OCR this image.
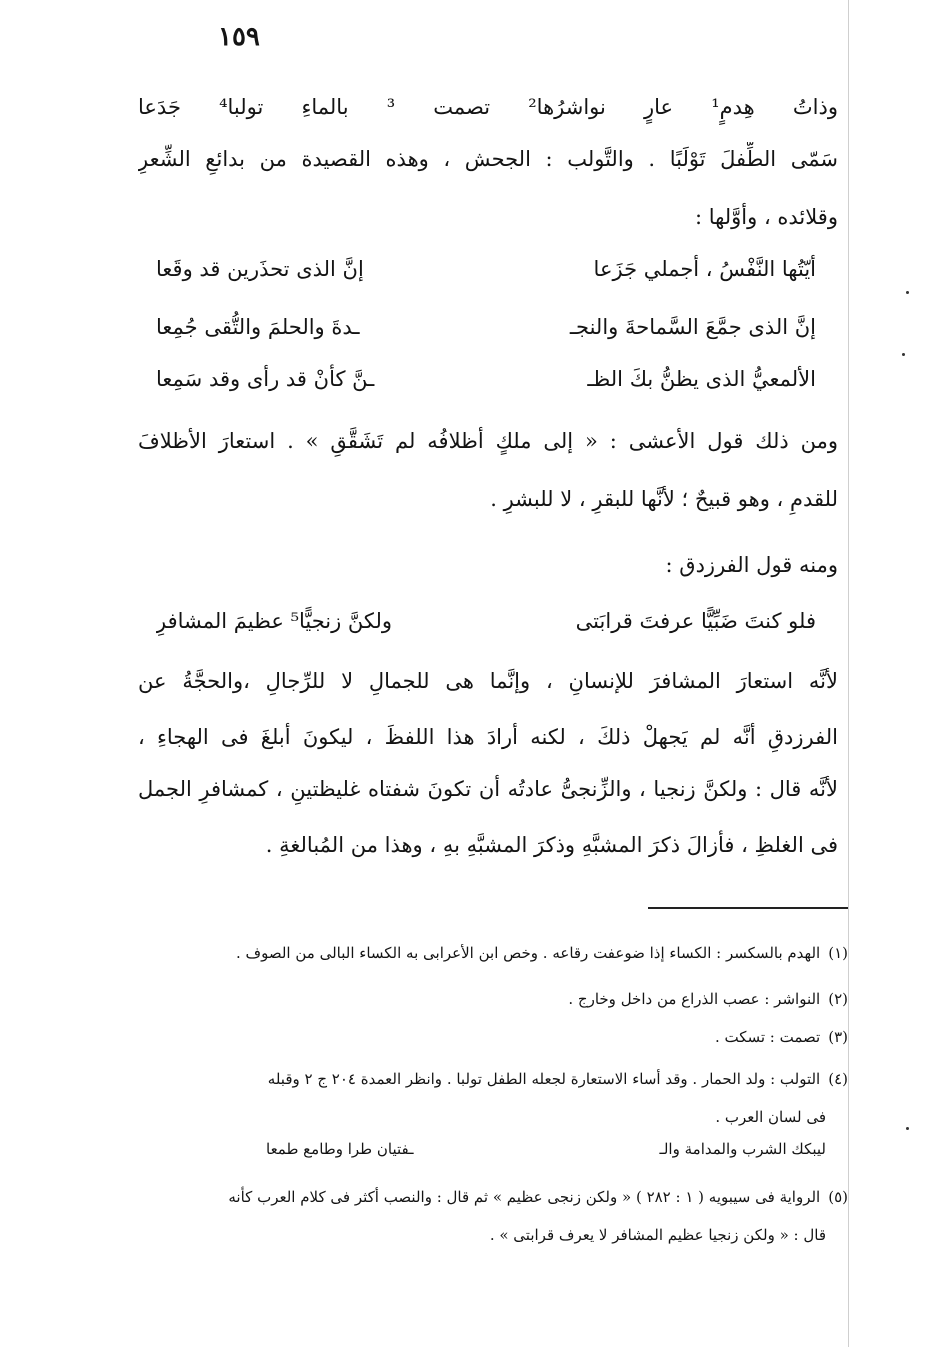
١٥٩
وذاتُ هِدمٍ¹ عارٍ نواشرُها² تصمت ³ بالماءِ تولبا⁴ جَدَعا
سَمّى الطِّفلَ تَوْلَبًا . والتَّولب : الجحش ، وهذه القصيدة من بدائعِ الشِّعرِ
وقلائده ، وأوَّلها :
أيّتُها النَّفْسُ ، أجملي جَزَعا
إنَّ الذى تحذَرين قد وقَعا
إنَّ الذى جمَّعَ السَّماحةَ والنجـ
ـدةَ والحلمَ والتُّقى جُمِعا
الألمعيُّ الذى يظنُّ بكَ الظـ
ـنَّ كأنْ قد رأى وقد سَمِعا
ومن ذلك قول الأعشى : « إلى ملكٍ أظلافُه لم تَشَقَّقِ » . استعارَ الأظلافَ
للقدمِ ، وهو قبيحٌ ؛ لأنَّها للبقرِ ، لا للبشرِ .
ومنه قول الفرزدق :
فلو كنتَ ضَبِّيًّا عرفتَ قرابَتى
ولكنَّ زنجيًّا⁵ عظيمَ المشافرِ
لأنَّه استعارَ المشافرَ للإنسانِ ، وإنَّما هى للجمالِ لا للرِّجالِ ،والحجَّةُ عن
الفرزدقِ أنَّه لم يَجهلْ ذلكَ ، لكنه أرادَ هذا اللفظَ ، ليكونَ أبلغَ فى الهجاءِ ،
لأنَّه قال : ولكنَّ زنجيا ، والزِّنجىُّ عادتُه أن تكونَ شفتاه غليظتينِ ، كمشافرِ الجمل
فى الغلظِ ، فأزالَ ذكرَ المشبَّهِ وذكرَ المشبَّهِ بهِ ، وهذا من المُبالغةِ .
(١)الهدم بالسكسر : الكساء إذا ضوعفت رقاعه . وخص ابن الأعرابى به الكساء البالى من الصوف .
(٢)النواشر : عصب الذراع من داخل وخارج .
(٣)تصمت : تسكت .
(٤)التولب : ولد الحمار . وقد أساء الاستعارة لجعله الطفل تولبا . وانظر العمدة ٢٠٤ ج ٢ وقبله
فى لسان العرب .
ليبكك الشرب والمدامة والـ
ـفتيان طرا وطامع طمعا
(٥)الرواية فى سيبويه ( ١ : ٢٨٢ ) « ولكن زنجى عظيم » ثم قال : والنصب أكثر فى كلام العرب كأنه
قال : « ولكن زنجيا عظيم المشافر لا يعرف قرابتى » .
